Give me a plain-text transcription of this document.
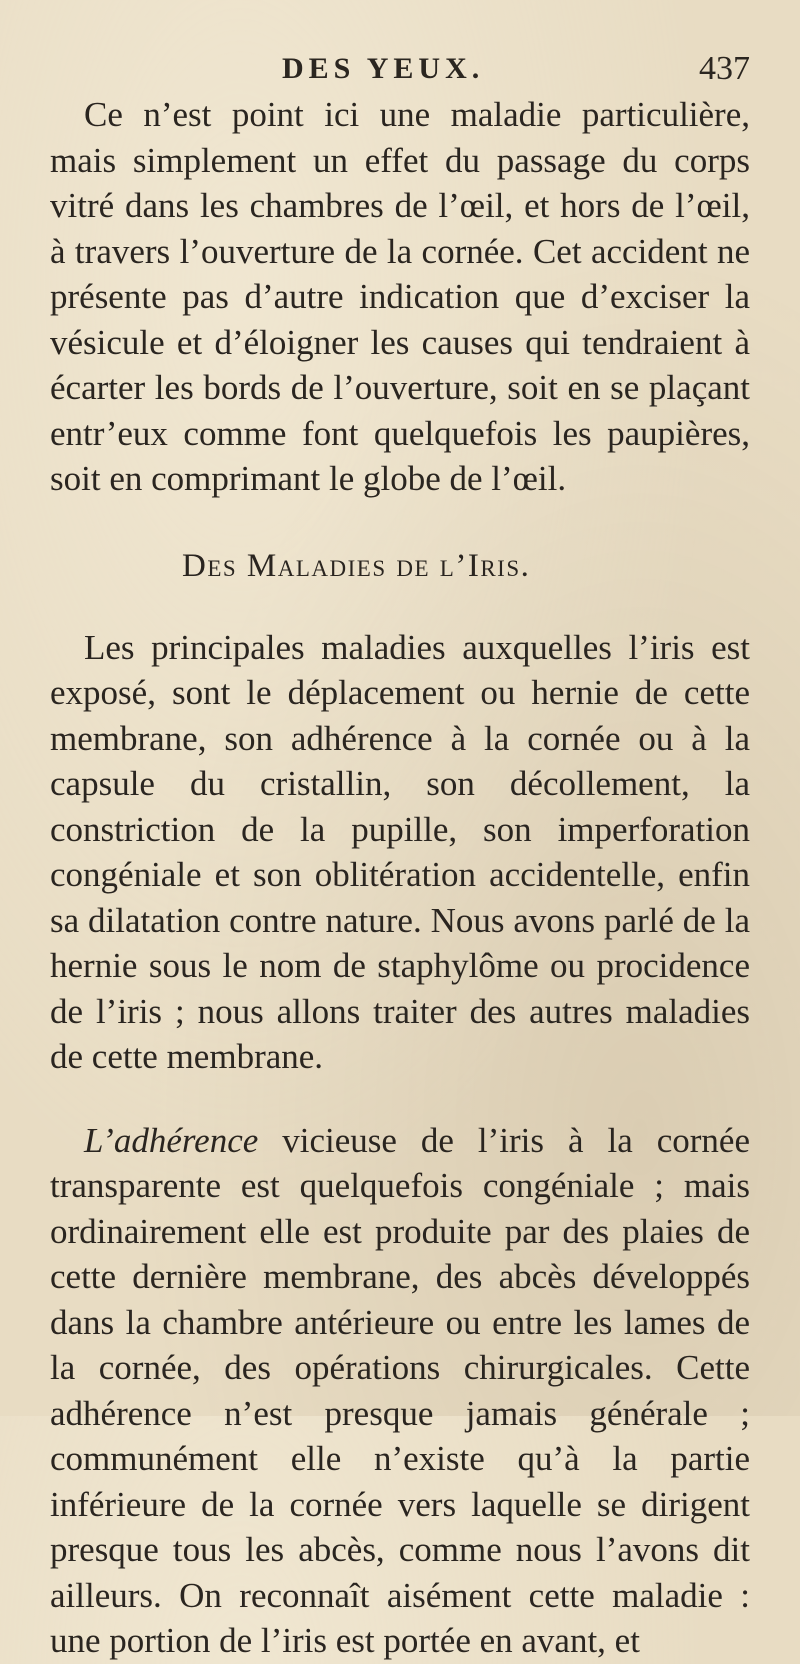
DES YEUX.	437

Ce n’est point ici une maladie particulière, mais simplement un effet du passage du corps vitré dans les chambres de l’œil, et hors de l’œil, à travers l’ouverture de la cornée. Cet accident ne présente pas d’autre indication que d’exciser la vésicule et d’éloigner les causes qui tendraient à écarter les bords de l’ouverture, soit en se plaçant entr’eux comme font quelquefois les paupières, soit en comprimant le globe de l’œil.

Des Maladies de l’Iris.

Les principales maladies auxquelles l’iris est exposé, sont le déplacement ou hernie de cette membrane, son adhérence à la cornée ou à la capsule du cristallin, son décollement, la constriction de la pupille, son imperforation congéniale et son oblitération accidentelle, enfin sa dilatation contre nature. Nous avons parlé de la hernie sous le nom de staphylôme ou procidence de l’iris ; nous allons traiter des autres maladies de cette membrane.

L’adhérence vicieuse de l’iris à la cornée transparente est quelquefois congéniale ; mais ordinairement elle est produite par des plaies de cette dernière membrane, des abcès développés dans la chambre antérieure ou entre les lames de la cornée, des opérations chirurgicales. Cette adhérence n’est presque jamais générale ; communément elle n’existe qu’à la partie inférieure de la cornée vers laquelle se dirigent presque tous les abcès, comme nous l’avons dit ailleurs. On reconnaît aisément cette maladie : une portion de l’iris est portée en avant, et
